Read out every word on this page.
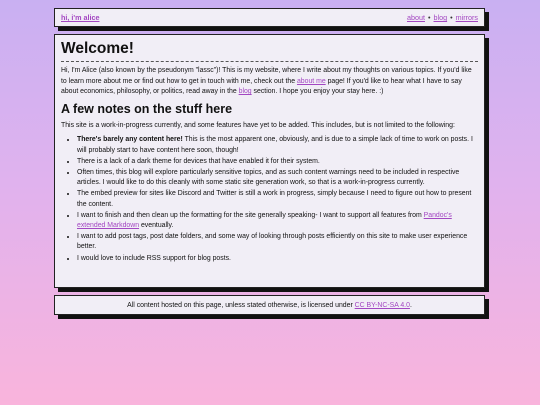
hi, i'm alice	about • blog • mirrors
Welcome!

Hi, I'm Alice (also known by the pseudonym "lassc")! This is my website, where I write about my thoughts on various topics. If you'd like to learn more about me or find out how to get in touch with me, check out the about me page! If you'd like to hear what I have to say about economics, philosophy, or politics, read away in the blog section. I hope you enjoy your stay here. :)

A few notes on the stuff here

This site is a work-in-progress currently, and some features have yet to be added. This includes, but is not limited to the following:

• There's barely any content here! This is the most apparent one, obviously, and is due to a simple lack of time to work on posts. I will probably start to have content here soon, though!
• There is a lack of a dark theme for devices that have enabled it for their system.
• Often times, this blog will explore particularly sensitive topics, and as such content warnings need to be included in respective articles. I would like to do this cleanly with some static site generation work, so that is a work-in-progress currently.
• The embed preview for sites like Discord and Twitter is still a work in progress, simply because I need to figure out how to present the content.
• I want to finish and then clean up the formatting for the site generally speaking- I want to support all features from Pandoc's extended Markdown eventually.
• I want to add post tags, post date folders, and some way of looking through posts efficiently on this site to make user experience better.
• I would love to include RSS support for blog posts.
All content hosted on this page, unless stated otherwise, is licensed under CC BY-NC-SA 4.0.
